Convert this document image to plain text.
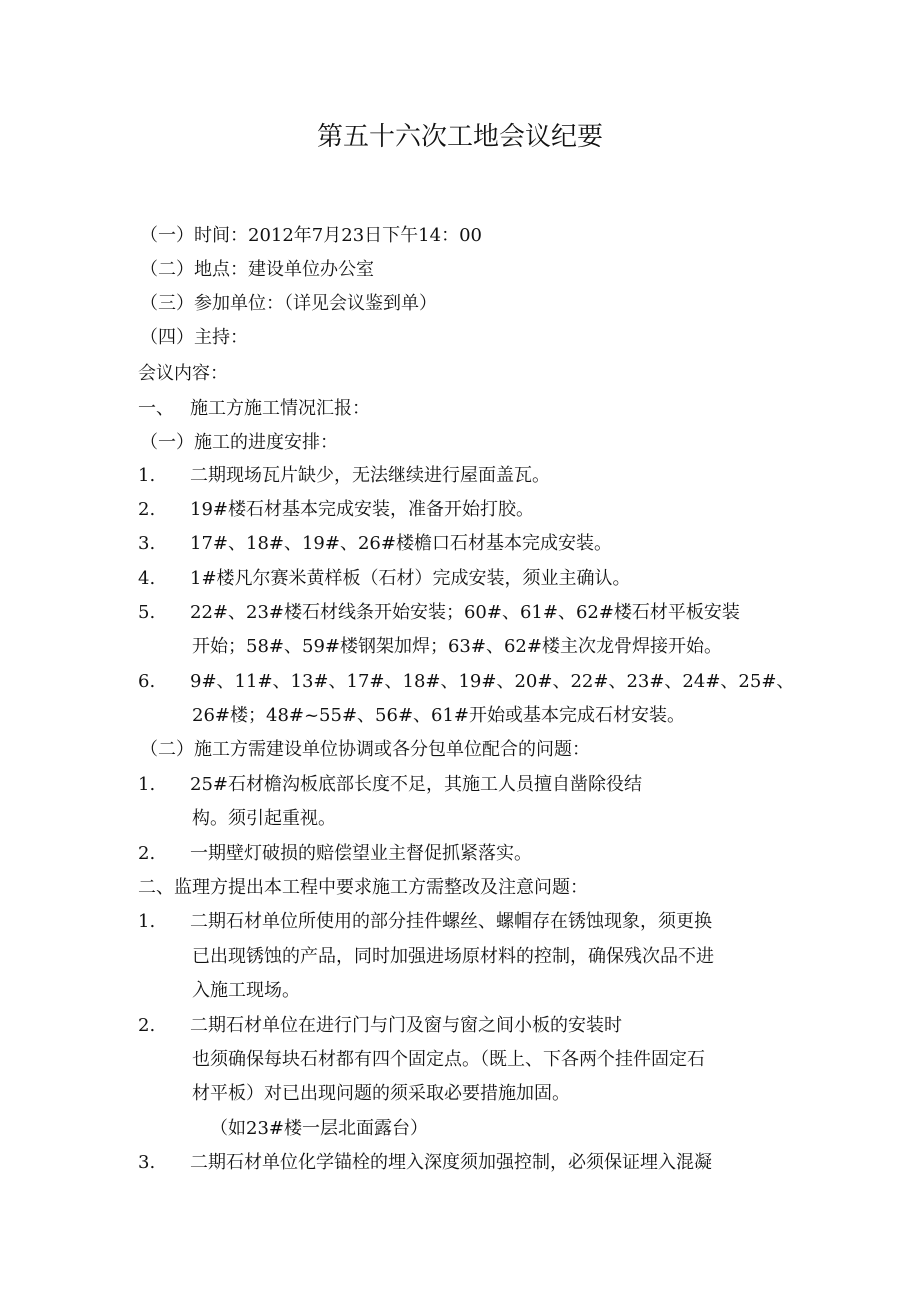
第五十六次工地会议纪要
（一）时间：2012年7月23日下午14：00
（二）地点：建设单位办公室
（三）参加单位：（详见会议鉴到单）
（四）主持：
会议内容：
一、 施工方施工情况汇报：
（一）施工的进度安排：
1. 二期现场瓦片缺少，无法继续进行屋面盖瓦。
2. 19#楼石材基本完成安装，准备开始打胶。
3. 17#、18#、19#、26#楼檐口石材基本完成安装。
4. 1#楼凡尔赛米黄样板（石材）完成安装，须业主确认。
5. 22#、23#楼石材线条开始安装；60#、61#、62#楼石材平板安装
开始；58#、59#楼钢架加焊；63#、62#楼主次龙骨焊接开始。
6. 9#、11#、13#、17#、18#、19#、20#、22#、23#、24#、25#、
26#楼；48#~55#、56#、61#开始或基本完成石材安装。
（二）施工方需建设单位协调或各分包单位配合的问题：
1. 25#石材檐沟板底部长度不足，其施工人员擅自凿除役结
构。须引起重视。
2. 一期壁灯破损的赔偿望业主督促抓紧落实。
二、监理方提出本工程中要求施工方需整改及注意问题：
1. 二期石材单位所使用的部分挂件螺丝、螺帽存在锈蚀现象，须更换
已出现锈蚀的产品，同时加强进场原材料的控制，确保残次品不进
入施工现场。
2. 二期石材单位在进行门与门及窗与窗之间小板的安装时
也须确保每块石材都有四个固定点。（既上、下各两个挂件固定石
材平板）对已出现问题的须采取必要措施加固。
（如23#楼一层北面露台）
3. 二期石材单位化学锚栓的埋入深度须加强控制，必须保证埋入混凝
